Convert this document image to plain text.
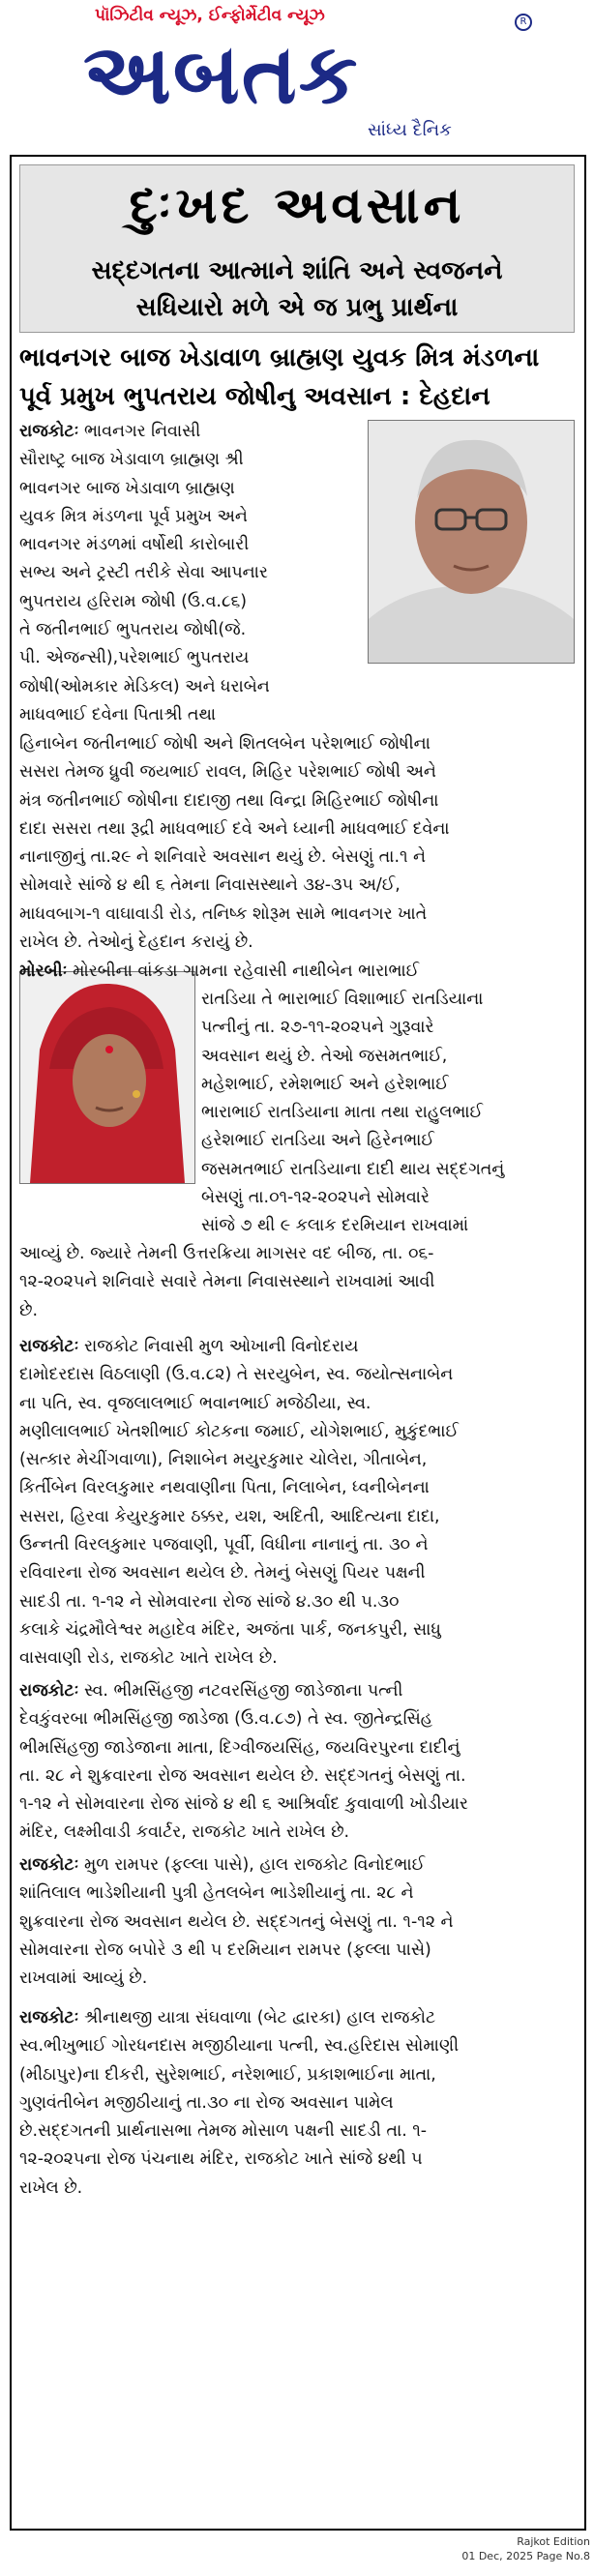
પૉઝિટીવ ન્યૂઝ, ઈન્ફોર્મેટીવ ન્યૂઝ
અબતક
R
સાંધ્ય દૈનિક
દુઃખદ અવસાન
સદ્દગતના આત્માને શાંતિ અને સ્વજનને
સધિયારો મળે એ જ પ્રભુ પ્રાર્થના
ભાવનગર બાજ ખેડાવાળ બ્રાહ્મણ યુવક મિત્ર મંડળના
પૂર્વ પ્રમુખ ભુપતરાય જોષીનુ અવસાન : દેહદાન
રાજકોટઃ ભાવનગર નિવાસી
સૌરાષ્ટ્ર બાજ ખેડાવાળ બ્રાહ્મણ શ્રી
ભાવનગર બાજ ખેડાવાળ બ્રાહ્મણ
યુવક મિત્ર મંડળના પૂર્વ પ્રમુખ અને
ભાવનગર મંડળમાં વર્ષોથી કારોબારી
સભ્ય અને ટ્રસ્ટી તરીકે સેવા આપનાર
ભુપતરાય હરિરામ જોષી (ઉ.વ.૮૬)
તે જતીનભાઈ ભુપતરાય જોષી(જે.
પી. એજન્સી),પરેશભાઈ ભુપતરાય
જોષી(ઓમકાર મેડિકલ) અને ધરાબેન
માધવભાઈ દવેના પિતાશ્રી તથા
હિનાબેન જતીનભાઈ જોષી અને શિતલબેન પરેશભાઈ જોષીના
સસરા તેમજ ધ્રુવી જયભાઈ રાવલ, મિહિર પરેશભાઈ જોષી અને
મંત્ર જતીનભાઈ જોષીના દાદાજી તથા વિન્દ્રા મિહિરભાઈ જોષીના
દાદા સસરા તથા રૂદ્રી માધવભાઈ દવે અને ધ્યાની માધવભાઈ દવેના
નાનાજીનું તા.૨૯ ને શનિવારે અવસાન થયું છે. બેસણું તા.૧ ને
સોમવારે સાંજે ૪ થી ૬ તેમના નિવાસસ્થાને ૩૪-૩૫ અ/ઈ,
માધવબાગ-૧ વાઘાવાડી રોડ, તનિષ્ક શોરૂમ સામે ભાવનગર ખાતે
રાખેલ છે. તેઓનું દેહદાન કરાયું છે.
મોરબીઃ મોરબીના વાંકડા ગામના રહેવાસી નાથીબેન ભારાભાઈ
રાતડિયા તે ભારાભાઈ વિશાભાઈ રાતડિયાના
પત્નીનું તા. ૨૭-૧૧-૨૦૨૫ને ગુરૂવારે
અવસાન થયું છે. તેઓ જસમતભાઈ,
મહેશભાઈ, રમેશભાઈ અને હરેશભાઈ
ભારાભાઈ રાતડિયાના માતા તથા રાહુલભાઈ
હરેશભાઈ રાતડિયા અને હિરેનભાઈ
જસમતભાઈ રાતડિયાના દાદી થાય સદ્દગતનું
બેસણું તા.૦૧-૧૨-૨૦૨૫ને સોમવારે
સાંજે ૭ થી ૯ કલાક દરમિયાન રાખવામાં
આવ્યું છે. જ્યારે તેમની ઉત્તરક્રિયા માગસર વદ બીજ, તા. ૦૬-
૧૨-૨૦૨૫ને શનિવારે સવારે તેમના નિવાસસ્થાને રાખવામાં આવી
છે.
રાજકોટઃ રાજકોટ નિવાસી મુળ ઓખાની વિનોદરાય
દામોદરદાસ વિઠલાણી (ઉ.વ.૮૨) તે સરયુબેન, સ્વ. જયોત્સનાબેન
ના પતિ, સ્વ. વૃજલાલભાઈ ભવાનભાઈ મજેઠીયા, સ્વ.
મણીલાલભાઈ ખેતશીભાઈ કોટકના જમાઈ, યોગેશભાઈ, મુકુંદભાઈ
(સત્કાર મેચીંગવાળા), નિશાબેન મયુરકુમાર ચોલેરા, ગીતાબેન,
કિર્તીબેન વિરલકુમાર નથવાણીના પિતા, નિલાબેન, ધ્વનીબેનના
સસરા, હિરવા કેયુરકુમાર ઠક્કર, યશ, અદિતી, આદિત્યના દાદા,
ઉન્નતી વિરલકુમાર પજવાણી, પૂર્વી, વિધીના નાનાનું તા. ૩૦ ને
રવિવારના રોજ અવસાન થયેલ છે. તેમનું બેસણું પિયર પક્ષની
સાદડી તા. ૧-૧૨ ને સોમવારના રોજ સાંજે ૪.૩૦ થી ૫.૩૦
કલાકે ચંદ્રમૌલેશ્વર મહાદેવ મંદિર, અજંતા પાર્ક, જનકપુરી, સાધુ
વાસવાણી રોડ, રાજકોટ ખાતે રાખેલ છે.
રાજકોટઃ સ્વ. ભીમસિંહજી નટવરસિંહજી જાડેજાના પત્ની
દેવકુંવરબા ભીમસિંહજી જાડેજા (ઉ.વ.૮૭) તે સ્વ. જીતેન્દ્રસિંહ
ભીમસિંહજી જાડેજાના માતા, દિગ્વીજયસિંહ, જયવિરપુરના દાદીનું
તા. ૨૮ ને શુક્રવારના રોજ અવસાન થયેલ છે. સદ્દગતનું બેસણું તા.
૧-૧૨ ને સોમવારના રોજ સાંજે ૪ થી ૬ આશ્રિર્વાદ કુવાવાળી ખોડીયાર
મંદિર, લક્ષ્મીવાડી કવાર્ટર, રાજકોટ ખાતે રાખેલ છે.
રાજકોટઃ મુળ રામપર (ફલ્લા પાસે), હાલ રાજકોટ વિનોદભાઈ
શાંતિલાલ ભાડેશીયાની પુત્રી હેતલબેન ભાડેશીયાનું તા. ૨૮ ને
શુક્રવારના રોજ અવસાન થયેલ છે. સદ્દગતનું બેસણું તા. ૧-૧૨ ને
સોમવારના રોજ બપોરે ૩ થી ૫ દરમિયાન રામપર (ફલ્લા પાસે)
રાખવામાં આવ્યું છે.
રાજકોટઃ શ્રીનાથજી યાત્રા સંઘવાળા (બેટ દ્વારકા) હાલ રાજકોટ
સ્વ.ભીખુભાઈ ગોરધનદાસ મજીઠીયાના પત્ની, સ્વ.હરિદાસ સોમાણી
(મીઠાપુર)ના દીકરી, સુરેશભાઈ, નરેશભાઈ, પ્રકાશભાઈના માતા,
ગુણવંતીબેન મજીઠીયાનું તા.૩૦ ના રોજ અવસાન પામેલ
છે.સદ્દગતની પ્રાર્થનાસભા તેમજ મોસાળ પક્ષની સાદડી તા. ૧-
૧૨-૨૦૨૫ના રોજ પંચનાથ મંદિર, રાજકોટ ખાતે સાંજે ૪થી ૫
રાખેલ છે.
Rajkot Edition
01 Dec, 2025 Page No.8
